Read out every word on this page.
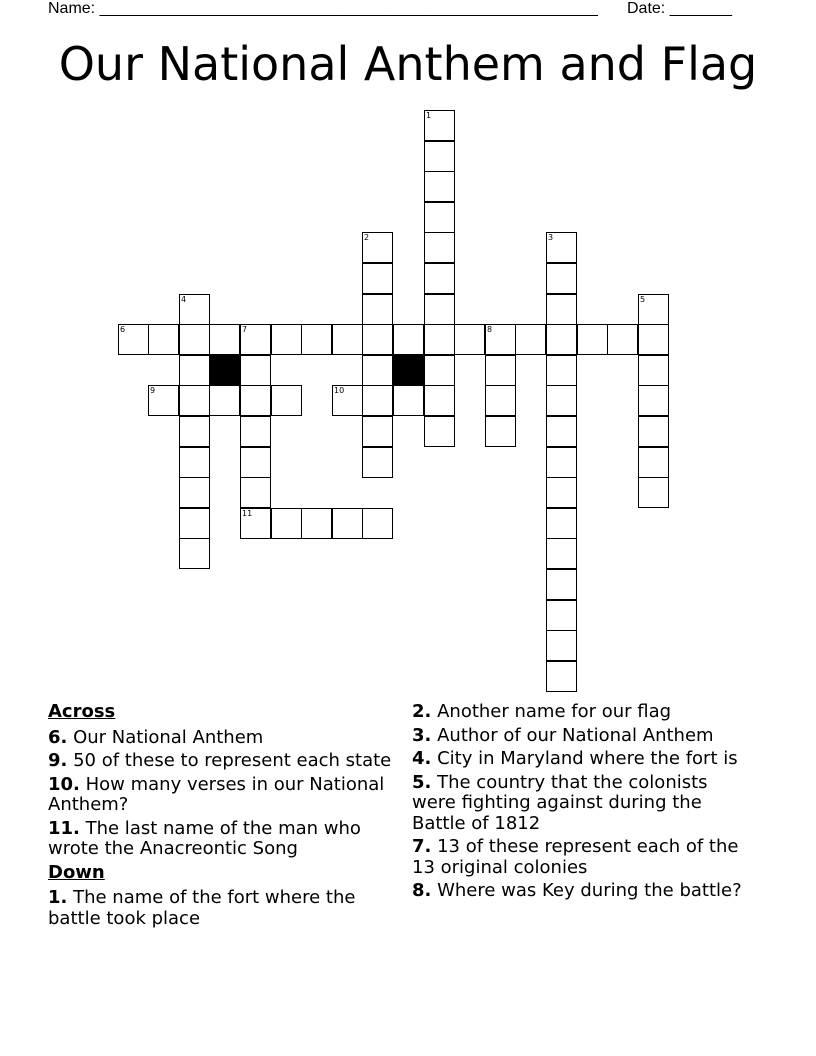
Name: ________________________________________________________ Date: _______
Our National Anthem and Flag
1
2	3
4	5
6	7	8
9	10
11
Across
6. Our National Anthem
9. 50 of these to represent each state
10. How many verses in our National Anthem?
11. The last name of the man who wrote the Anacreontic Song
Down
1. The name of the fort where the battle took place
2. Another name for our flag
3. Author of our National Anthem
4. City in Maryland where the fort is
5. The country that the colonists were fighting against during the Battle of 1812
7. 13 of these represent each of the 13 original colonies
8. Where was Key during the battle?
